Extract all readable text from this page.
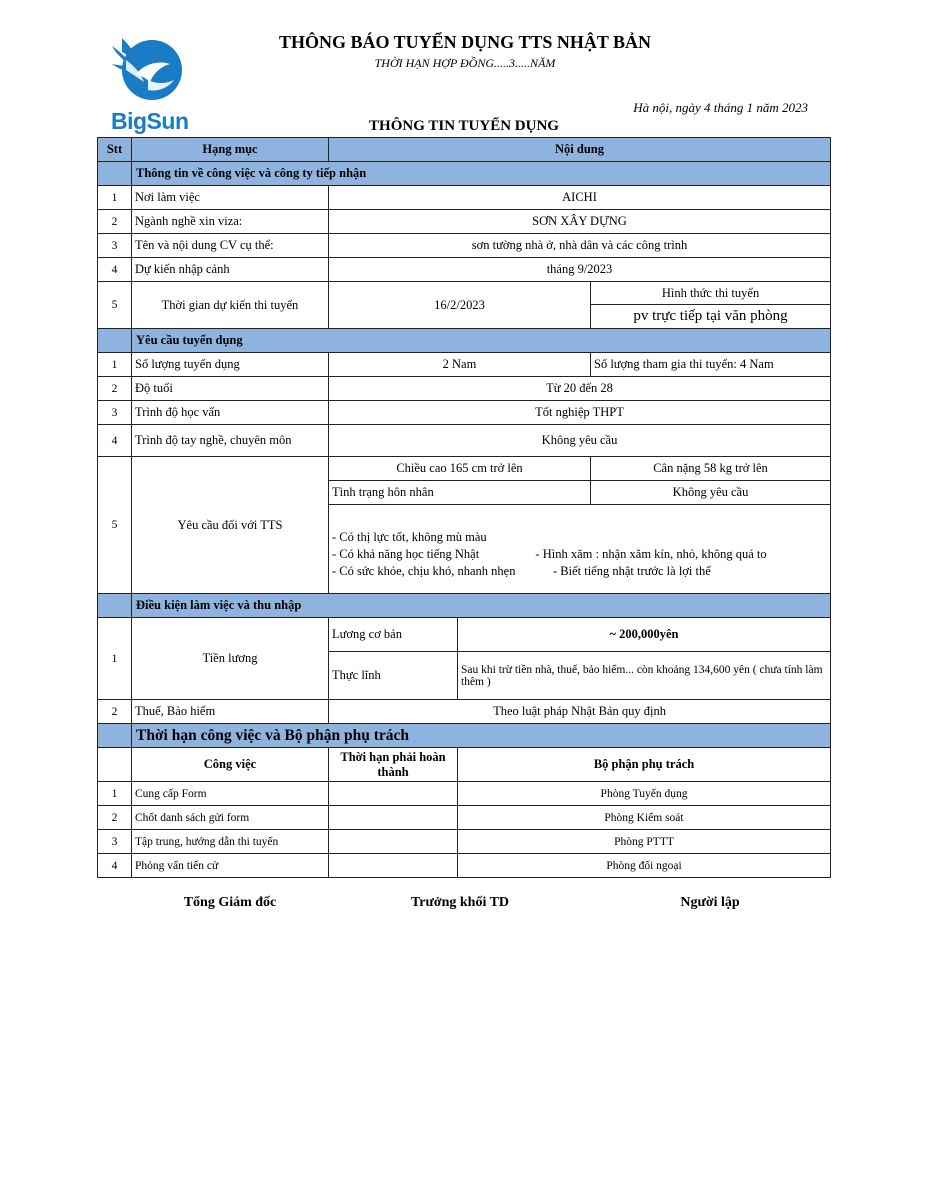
BigSun
THÔNG BÁO TUYỂN DỤNG TTS NHẬT BẢN
THỜI HẠN HỢP ĐỒNG.....3.....NĂM
Hà nội, ngày 4 tháng 1 năm 2023
THÔNG TIN TUYỂN DỤNG
Stt	Hạng mục	Nội dung		
	Thông tin về công việc và công ty tiếp nhận			
1	Nơi làm việc	AICHI		
2	Ngành nghề xin viza:	SƠN XÂY DỰNG		
3	Tên và nội dung CV cụ thể:	sơn tường nhà ở, nhà dân và các công trình		
4	Dự kiến nhập cảnh	tháng 9/2023		
5	Thời gian dự kiến thi tuyển	16/2/2023		Hình thức thi tuyển
				pv trực tiếp tại văn phòng
	Yêu cầu tuyển dụng			
1	Số lượng tuyển dụng	2 Nam		Số lượng tham gia thi tuyển: 4 Nam
2	Độ tuổi	Từ 20 đến 28		
3	Trình độ học vấn	Tốt nghiệp THPT		
4	Trình độ tay nghề, chuyên môn	Không yêu cầu		
5	Yêu cầu đối với TTS	Chiều cao 165 cm trở lên		Cân nặng 58 kg trở lên
		Tình trạng hôn nhân		Không yêu cầu

		- Có thị lực tốt, không mù màu
- Có khả năng học tiếng Nhật                  - Hình xăm : nhận xăm kín, nhỏ, không quá to
- Có sức khỏe, chịu khó, nhanh nhẹn            - Biết tiếng nhật trước là lợi thế		

	Điều kiện làm việc và thu nhập			
1	Tiền lương	Lương cơ bản	~ 200,000yên	
		Thực lĩnh	Sau khi trừ tiền nhà, thuế, bảo hiểm... còn khoảng 134,600 yên ( chưa tính làm thêm )	
2	Thuế, Bảo hiểm	Theo luật pháp Nhật Bản quy định		
	Thời hạn công việc và Bộ phận phụ trách			
	Công việc	Thời hạn phải hoàn thành	Bộ phận phụ trách	
1	Cung cấp Form		Phòng Tuyển dụng	
2	Chốt danh sách gửi form		Phòng Kiểm soát	
3	Tập trung, hướng dẫn thi tuyển		Phòng PTTT	
4	Phỏng vấn tiến cử		Phòng đối ngoại	
Tổng Giám đốc	Trưởng khối TD	Người lập
